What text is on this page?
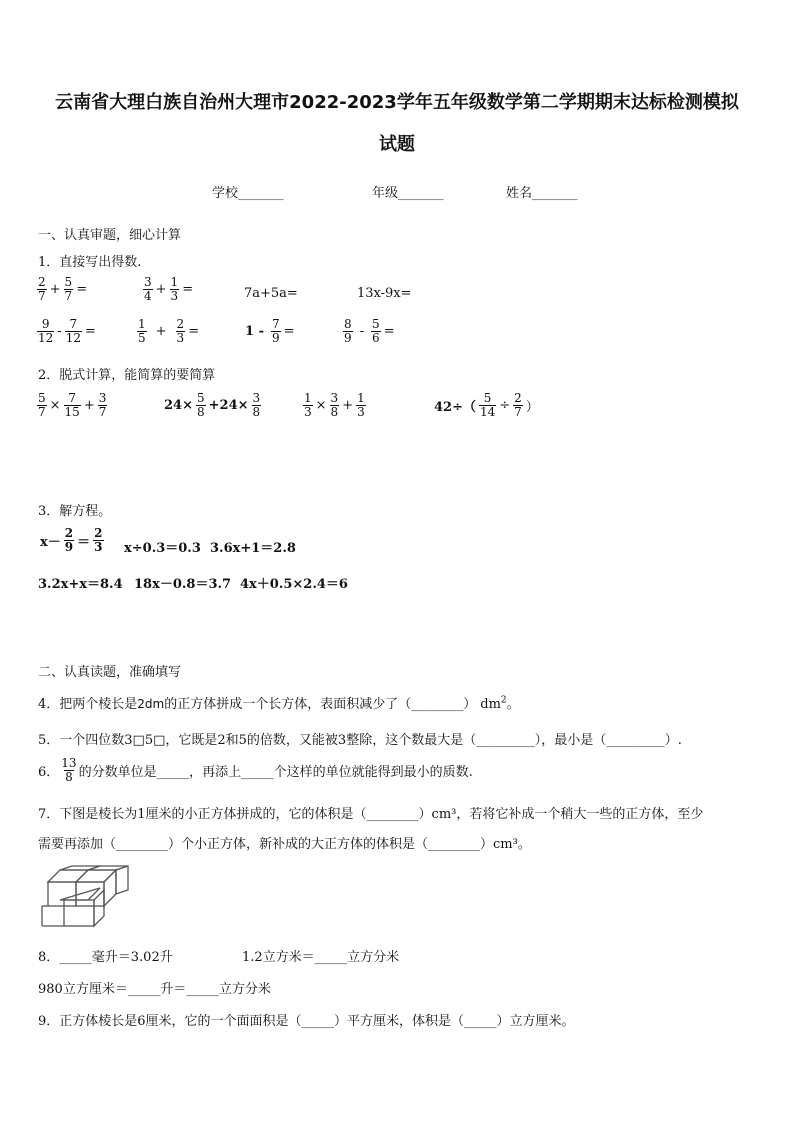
云南省大理白族自治州大理市2022-2023学年五年级数学第二学期期末达标检测模拟
试题
学校_______	年级_______	姓名_______
一、认真审题，细心计算
1．直接写出得数.
$\frac{2}{7} + \frac{5}{7}$ =	$\frac{3}{4} + \frac{1}{3}$ =	7a+5a=	13x-9x=
$\frac{9}{12} - \frac{7}{12}$ =	$\frac{1}{5} + \frac{2}{3}$ =	$1 - \frac{7}{9}$ =	$\frac{8}{9} - \frac{5}{6}$ =
2．脱式计算，能简算的要简算
$\frac{5}{7} \times \frac{7}{15} + \frac{3}{7}$	$24\times \frac{5}{8} +24\times \frac{3}{8}$	$\frac{1}{3} \times \frac{3}{8} + \frac{1}{3}$	$42\div( \frac{5}{14} \div \frac{2}{7}$ ）
3．解方程。
$x- \frac{2}{9} = \frac{2}{3} x\div 0.3=0.3$ 3.6x+1＝2.8
3.2x+x＝8.4 18x－0.8＝3.7 4x＋0.5×2.4＝6
二、认真读题，准确填写
4．把两个棱长是2dm的正方体拼成一个长方体，表面积减少了（________） $dm^2$。
5．一个四位数3□5□，它既是2和5的倍数，又能被3整除，这个数最大是（_________），最小是（_________）.
6． $\frac{13}{8}$ 的分数单位是_____，再添上_____个这样的单位就能得到最小的质数.
7．下图是棱长为1厘米的小正方体拼成的，它的体积是（________）cm³，若将它补成一个稍大一些的正方体，至少
需要再添加（________）个小正方体，新补成的大正方体的体积是（________）cm³。
8．_____毫升＝3.02升	1.2立方米＝_____立方分米
980立方厘米＝_____升＝_____立方分米
9．正方体棱长是6厘米，它的一个面面积是（_____）平方厘米，体积是（_____）立方厘米。
